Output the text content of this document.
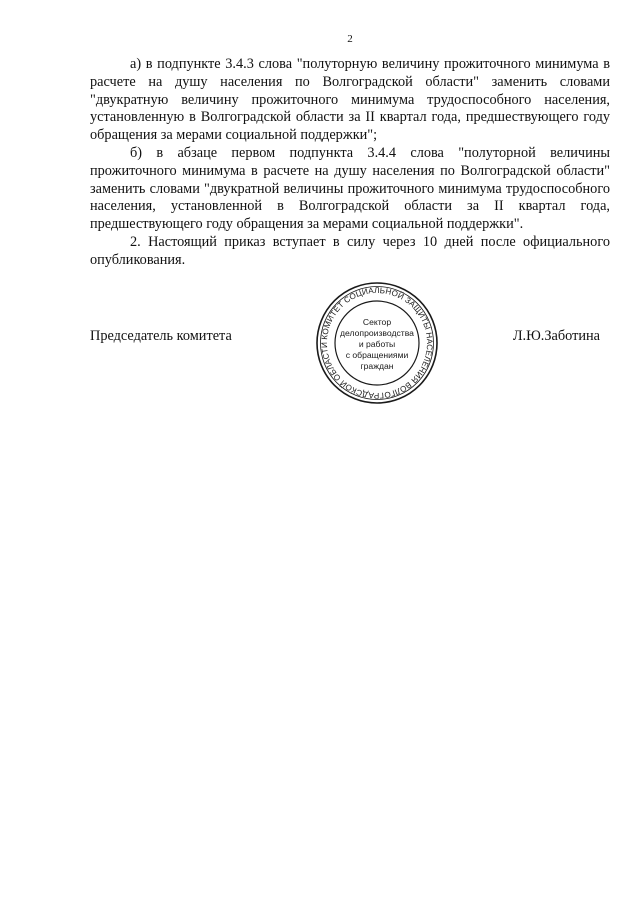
2

а) в подпункте 3.4.3 слова "полуторную величину прожиточного минимума в расчете на душу населения по Волгоградской области" заменить словами "двукратную величину прожиточного минимума трудоспособного населения, установленную в Волгоградской области за II квартал года, предшествующего году обращения за мерами социальной поддержки";

б) в абзаце первом подпункта 3.4.4 слова "полуторной величины прожиточного минимума в расчете на душу населения по Волгоградской области" заменить словами "двукратной величины прожиточного минимума трудоспособного населения, установленной в Волгоградской области за II квартал года, предшествующего году обращения за мерами социальной поддержки".

2. Настоящий приказ вступает в силу через 10 дней после официального опубликования.

Председатель комитета	Л.Ю.Заботина
КОМИТЕТ СОЦИАЛЬНОЙ ЗАЩИТЫ НАСЕЛЕНИЯ ВОЛГОГРАДСКОЙ ОБЛАСТИ
Сектор
делопроизводства
и работы
с обращениями
граждан
